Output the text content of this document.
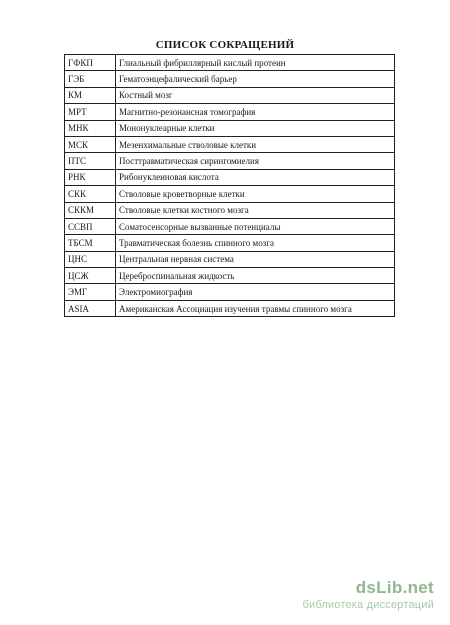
СПИСОК СОКРАЩЕНИЙ
ГФКП	Глиальный фибриллярный кислый протеин
ГЭБ	Гематоэнцефалический барьер
КМ	Костный мозг
МРТ	Магнитно-резонансная томография
МНК	Мононуклеарные клетки
МСК	Мезенхимальные стволовые клетки
ПТС	Посттравматическая сирингомиелия
РНК	Рибонуклеиновая кислота
СКК	Стволовые кроветворные клетки
СККМ	Стволовые клетки костного мозга
ССВП	Соматосенсорные вызванные потенциалы
ТБСМ	Травматическая болезнь спинного мозга
ЦНС	Центральная нервная система
ЦСЖ	Цереброспинальная жидкость
ЭМГ	Электромиография
ASIA	Американская Ассоциация изучения травмы спинного мозга
dsLib.net
библиотека диссертаций
